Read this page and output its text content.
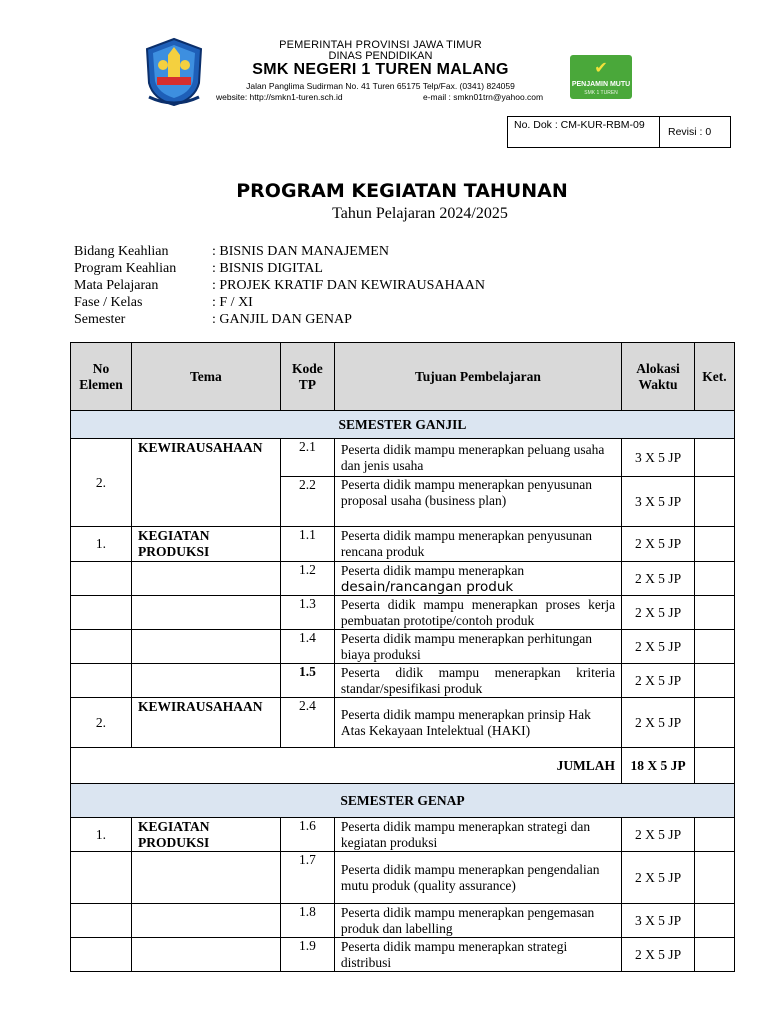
PEMERINTAH PROVINSI JAWA TIMUR
DINAS PENDIDIKAN
SMK NEGERI 1 TUREN MALANG
Jalan Panglima Sudirman No. 41 Turen 65175 Telp/Fax. (0341) 824059
website: http://smkn1-turen.sch.id	e-mail : smkn01trn@yahoo.com
✔
PENJAMIN MUTU
SMK 1 TUREN
No. Dok : CM-KUR-RBM-09
Revisi : 0
PROGRAM KEGIATAN TAHUNAN
Tahun Pelajaran 2024/2025
Bidang Keahlian	: BISNIS DAN MANAJEMEN
Program Keahlian	: BISNIS DIGITAL
Mata Pelajaran	: PROJEK KRATIF DAN KEWIRAUSAHAAN
Fase / Kelas	: F / XI
Semester	: GANJIL DAN GENAP
No Elemen	Tema	Kode TP	Tujuan Pembelajaran	Alokasi Waktu	Ket.
SEMESTER GANJIL					
2.	KEWIRAUSAHAAN	2.1	Peserta didik mampu menerapkan peluang usaha dan jenis usaha	3 X 5 JP	
		2.2	Peserta didik mampu menerapkan penyusunan proposal usaha (business plan)	3 X 5 JP	
1.	KEGIATAN PRODUKSI	1.1	Peserta didik mampu menerapkan penyusunan rencana produk	2 X 5 JP	
		1.2	Peserta didik mampu menerapkan
desain/rancangan produk	2 X 5 JP	
		1.3	Peserta didik mampu menerapkan proses kerja pembuatan prototipe/contoh produk	2 X 5 JP	
		1.4	Peserta didik mampu menerapkan perhitungan biaya produksi	2 X 5 JP	
		1.5	Peserta didik mampu menerapkan kriteria standar/spesifikasi produk	2 X 5 JP	
2.	KEWIRAUSAHAAN	2.4	Peserta didik mampu menerapkan prinsip Hak
Atas Kekayaan Intelektual (HAKI)	2 X 5 JP	
JUMLAH				18 X 5 JP	
SEMESTER GENAP					
1.	KEGIATAN PRODUKSI	1.6	Peserta didik mampu menerapkan strategi dan kegiatan produksi	2 X 5 JP	
		1.7	Peserta didik mampu menerapkan pengendalian mutu produk (quality assurance)	2 X 5 JP	
		1.8	Peserta didik mampu menerapkan pengemasan produk dan labelling	3 X 5 JP	
		1.9	Peserta didik mampu menerapkan strategi distribusi	2 X 5 JP	
